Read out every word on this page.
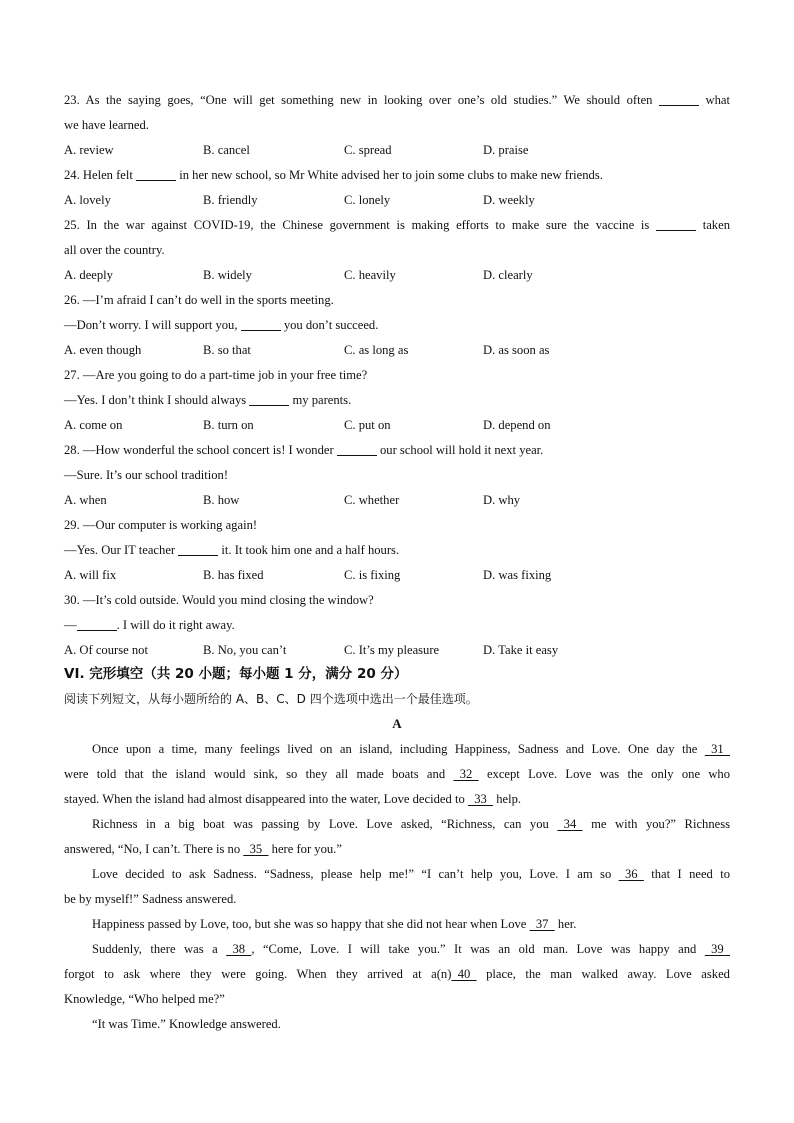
23. As the saying goes, “One will get something new in looking over one’s old studies.” We should often	what
we have learned.
A. review	B. cancel	C. spread	D. praise
24. Helen felt	in her new school, so Mr White advised her to join some clubs to make new friends.
A. lovely	B. friendly	C. lonely	D. weekly
25. In the war against COVID-19, the Chinese government is making efforts to make sure the vaccine is	taken
all over the country.
A. deeply	B. widely	C. heavily	D. clearly
26. —I’m afraid I can’t do well in the sports meeting.
—Don’t worry. I will support you,	you don’t succeed.
A. even though	B. so that	C. as long as	D. as soon as
27. —Are you going to do a part-time job in your free time?
—Yes. I don’t think I should always	my parents.
A. come on	B. turn on	C. put on	D. depend on
28. —How wonderful the school concert is! I wonder	our school will hold it next year.
—Sure. It’s our school tradition!
A. when	B. how	C. whether	D. why
29. —Our computer is working again!
—Yes. Our IT teacher	it. It took him one and a half hours.
A. will fix	B. has fixed	C. is fixing	D. was fixing
30. —It’s cold outside. Would you mind closing the window?
—	. I will do it right away.
A. Of course not	B. No, you can’t	C. It’s my pleasure	D. Take it easy
VI. 完形填空（共 20 小题；每小题 1 分，满分 20 分）
阅读下列短文，从每小题所给的 A、B、C、D 四个选项中选出一个最佳选项。
A
Once upon a time, many feelings lived on an island, including Happiness, Sadness and Love. One day the   31
were told that the island would sink, so they all made boats and   32   except Love. Love was the only one who
stayed. When the island had almost disappeared into the water, Love decided to   33   help.
Richness in a big boat was passing by Love. Love asked, “Richness, can you   34   me with you?” Richness
answered, “No, I can’t. There is no   35   here for you.”
Love decided to ask Sadness. “Sadness, please help me!” “I can’t help you, Love. I am so   36   that I need to
be by myself!” Sadness answered.
Happiness passed by Love, too, but she was so happy that she did not hear when Love   37   her.
Suddenly, there was a   38  , “Come, Love. I will take you.” It was an old man. Love was happy and   39
forgot to ask where they were going. When they arrived at a(n)  40   place, the man walked away. Love asked
Knowledge, “Who helped me?”
“It was Time.” Knowledge answered.
